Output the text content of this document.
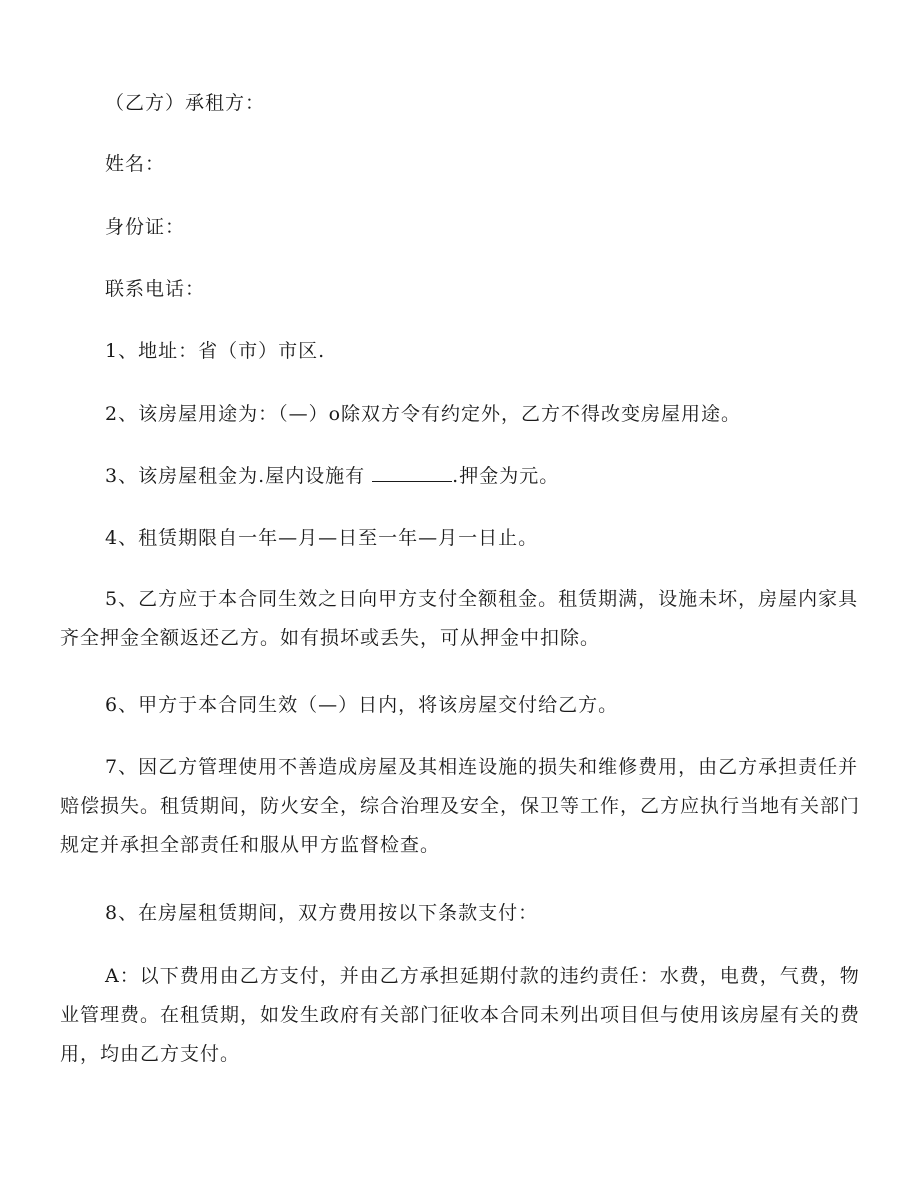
（乙方）承租方：

姓名：

身份证：

联系电话：

1、地址：省（市）市区.

2、该房屋用途为：（—）o除双方令有约定外，乙方不得改变房屋用途。

3、该房屋租金为.屋内设施有	.押金为元。

4、租赁期限自一年—月—日至一年—月一日止。

5、乙方应于本合同生效之日向甲方支付全额租金。租赁期满，设施未坏，房屋内家具齐全押金全额返还乙方。如有损坏或丢失，可从押金中扣除。

6、甲方于本合同生效（—）日内，将该房屋交付给乙方。

7、因乙方管理使用不善造成房屋及其相连设施的损失和维修费用，由乙方承担责任并赔偿损失。租赁期间，防火安全，综合治理及安全，保卫等工作，乙方应执行当地有关部门规定并承担全部责任和服从甲方监督检查。

8、在房屋租赁期间，双方费用按以下条款支付：

A：以下费用由乙方支付，并由乙方承担延期付款的违约责任：水费，电费，气费，物业管理费。在租赁期，如发生政府有关部门征收本合同未列出项目但与使用该房屋有关的费用，均由乙方支付。
